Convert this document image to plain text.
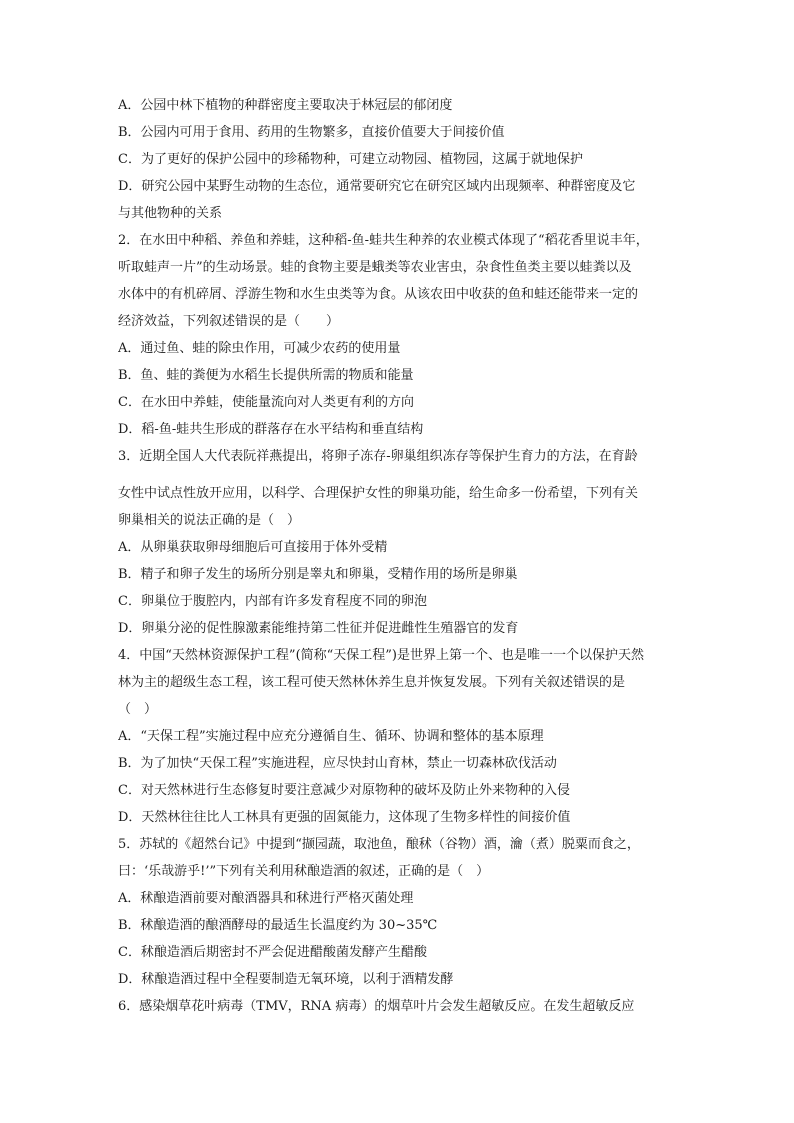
A．公园中林下植物的种群密度主要取决于林冠层的郁闭度
B．公园内可用于食用、药用的生物繁多，直接价值要大于间接价值
C．为了更好的保护公园中的珍稀物种，可建立动物园、植物园，这属于就地保护
D．研究公园中某野生动物的生态位，通常要研究它在研究区域内出现频率、种群密度及它
与其他物种的关系
2．在水田中种稻、养鱼和养蛙，这种稻-鱼-蛙共生种养的农业模式体现了“稻花香里说丰年，
听取蛙声一片”的生动场景。蛙的食物主要是蛾类等农业害虫，杂食性鱼类主要以蛙粪以及
水体中的有机碎屑、浮游生物和水生虫类等为食。从该农田中收获的鱼和蛙还能带来一定的
经济效益，下列叙述错误的是（　　）
A．通过鱼、蛙的除虫作用，可减少农药的使用量
B．鱼、蛙的粪便为水稻生长提供所需的物质和能量
C．在水田中养蛙，使能量流向对人类更有利的方向
D．稻-鱼-蛙共生形成的群落存在水平结构和垂直结构
3．近期全国人大代表阮祥燕提出，将卵子冻存-卵巢组织冻存等保护生育力的方法，在育龄
女性中试点性放开应用，以科学、合理保护女性的卵巢功能，给生命多一份希望，下列有关
卵巢相关的说法正确的是（　）
A．从卵巢获取卵母细胞后可直接用于体外受精
B．精子和卵子发生的场所分别是睾丸和卵巢，受精作用的场所是卵巢
C．卵巢位于腹腔内，内部有许多发育程度不同的卵泡
D．卵巢分泌的促性腺激素能维持第二性征并促进雌性生殖器官的发育
4．中国“天然林资源保护工程”(简称“天保工程”)是世界上第一个、也是唯一一个以保护天然
林为主的超级生态工程，该工程可使天然林休养生息并恢复发展。下列有关叙述错误的是
（　）
A．“天保工程”实施过程中应充分遵循自生、循环、协调和整体的基本原理
B．为了加快“天保工程”实施进程，应尽快封山育林，禁止一切森林砍伐活动
C．对天然林进行生态修复时要注意减少对原物种的破坏及防止外来物种的入侵
D．天然林往往比人工林具有更强的固氮能力，这体现了生物多样性的间接价值
5．苏轼的《超然台记》中提到“撷园蔬，取池鱼，酿秫（谷物）酒，瀹（煮）脱粟而食之，
曰：‘乐哉游乎!’”下列有关利用秫酿造酒的叙述，正确的是（　）
A．秫酿造酒前要对酿酒器具和秫进行严格灭菌处理
B．秫酿造酒的酿酒酵母的最适生长温度约为 30~35℃
C．秫酿造酒后期密封不严会促进醋酸菌发酵产生醋酸
D．秫酿造酒过程中全程要制造无氧环境，以利于酒精发酵
6．感染烟草花叶病毒（TMV，RNA 病毒）的烟草叶片会发生超敏反应。在发生超敏反应
